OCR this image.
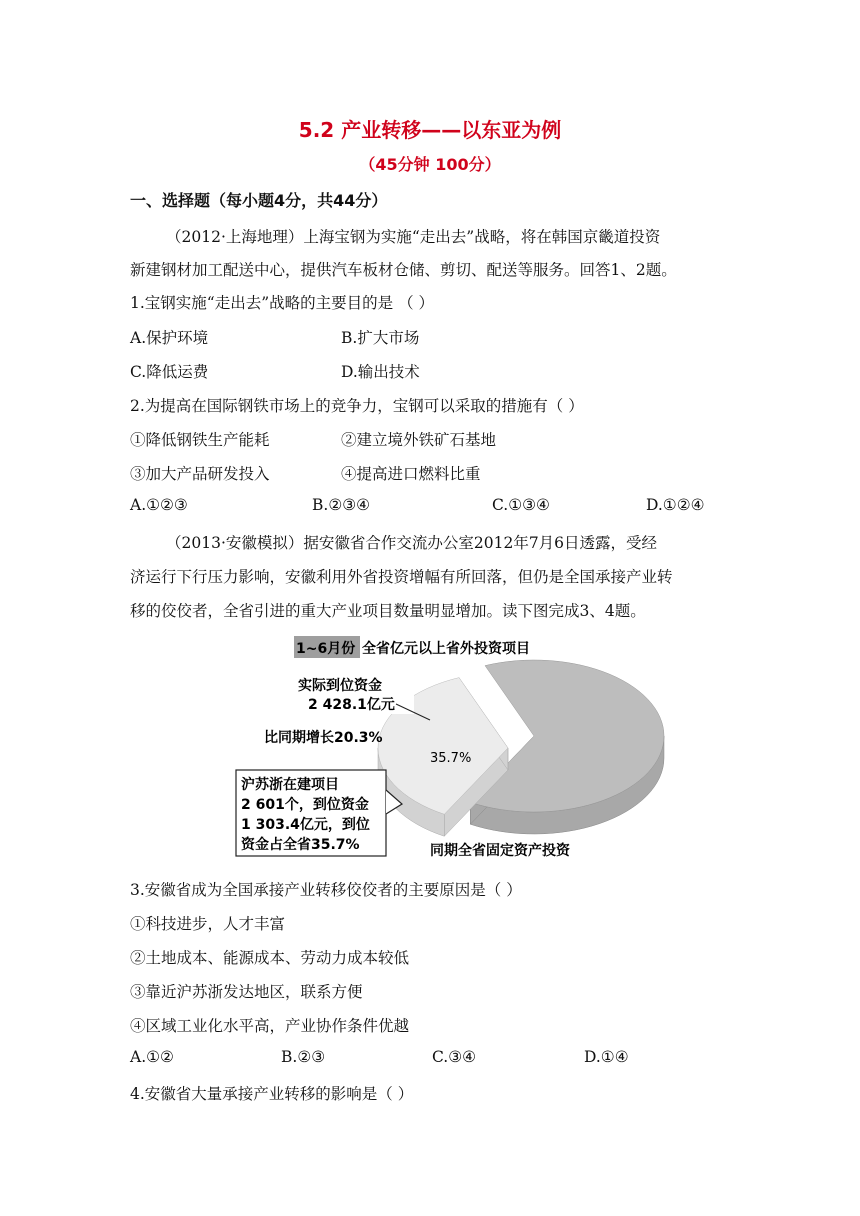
5.2 产业转移——以东亚为例
（45分钟 100分）
一、选择题（每小题4分，共44分）
（2012·上海地理）上海宝钢为实施“走出去”战略，将在韩国京畿道投资
新建钢材加工配送中心，提供汽车板材仓储、剪切、配送等服务。回答1、2题。
1.宝钢实施“走出去”战略的主要目的是 （ ）
A.保护环境	B.扩大市场
C.降低运费	D.输出技术
2.为提高在国际钢铁市场上的竞争力，宝钢可以采取的措施有（ ）
①降低钢铁生产能耗	②建立境外铁矿石基地
③加大产品研发投入	④提高进口燃料比重
A.①②③	B.②③④	C.①③④	D.①②④
（2013·安徽模拟）据安徽省合作交流办公室2012年7月6日透露，受经
济运行下行压力影响，安徽利用外省投资增幅有所回落，但仍是全国承接产业转
移的佼佼者，全省引进的重大产业项目数量明显增加。读下图完成3、4题。
1~6月份 全省亿元以上省外投资项目
35.7%
实际到位资金
2 428.1亿元
比同期增长20.3%
沪苏浙在建项目
2 601个，到位资金
1 303.4亿元，到位
资金占全省35.7%	同期全省固定资产投资
3.安徽省成为全国承接产业转移佼佼者的主要原因是（ ）
①科技进步，人才丰富
②土地成本、能源成本、劳动力成本较低
③靠近沪苏浙发达地区，联系方便
④区域工业化水平高，产业协作条件优越
A.①②	B.②③	C.③④	D.①④
4.安徽省大量承接产业转移的影响是（ ）
